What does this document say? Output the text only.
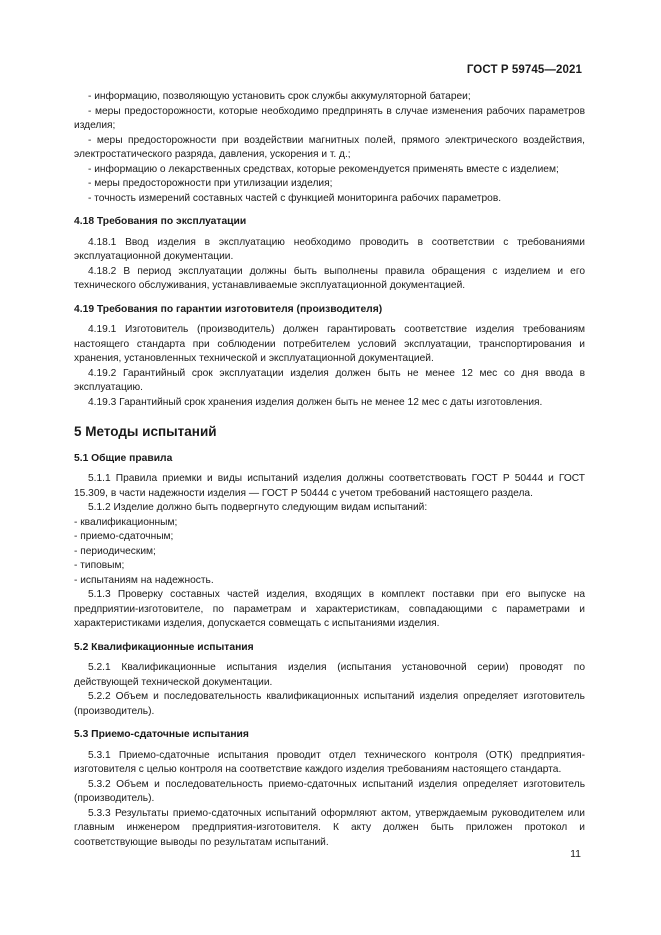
ГОСТ Р 59745—2021

- информацию, позволяющую установить срок службы аккумуляторной батареи;

- меры предосторожности, которые необходимо предпринять в случае изменения рабочих параметров изделия;

- меры предосторожности при воздействии магнитных полей, прямого электрического воздействия, электростатического разряда, давления, ускорения и т. д.;

- информацию о лекарственных средствах, которые рекомендуется применять вместе с изделием;

- меры предосторожности при утилизации изделия;

- точность измерений составных частей с функцией мониторинга рабочих параметров.

4.18 Требования по эксплуатации

4.18.1 Ввод изделия в эксплуатацию необходимо проводить в соответствии с требованиями эксплуатационной документации.

4.18.2 В период эксплуатации должны быть выполнены правила обращения с изделием и его технического обслуживания, устанавливаемые эксплуатационной документацией.

4.19 Требования по гарантии изготовителя (производителя)

4.19.1 Изготовитель (производитель) должен гарантировать соответствие изделия требованиям настоящего стандарта при соблюдении потребителем условий эксплуатации, транспортирования и хранения, установленных технической и эксплуатационной документацией.

4.19.2 Гарантийный срок эксплуатации изделия должен быть не менее 12 мес со дня ввода в эксплуатацию.

4.19.3 Гарантийный срок хранения изделия должен быть не менее 12 мес с даты изготовления.

5 Методы испытаний

5.1 Общие правила

5.1.1 Правила приемки и виды испытаний изделия должны соответствовать ГОСТ Р 50444 и ГОСТ 15.309, в части надежности изделия — ГОСТ Р 50444 с учетом требований настоящего раздела.

5.1.2 Изделие должно быть подвергнуто следующим видам испытаний:

- квалификационным;

- приемо-сдаточным;

- периодическим;

- типовым;

- испытаниям на надежность.

5.1.3 Проверку составных частей изделия, входящих в комплект поставки при его выпуске на предприятии-изготовителе, по параметрам и характеристикам, совпадающими с параметрами и характеристиками изделия, допускается совмещать с испытаниями изделия.

5.2 Квалификационные испытания

5.2.1 Квалификационные испытания изделия (испытания установочной серии) проводят по действующей технической документации.

5.2.2 Объем и последовательность квалификационных испытаний изделия определяет изготовитель (производитель).

5.3 Приемо-сдаточные испытания

5.3.1 Приемо-сдаточные испытания проводит отдел технического контроля (ОТК) предприятия-изготовителя с целью контроля на соответствие каждого изделия требованиям настоящего стандарта.

5.3.2 Объем и последовательность приемо-сдаточных испытаний изделия определяет изготовитель (производитель).

5.3.3 Результаты приемо-сдаточных испытаний оформляют актом, утверждаемым руководителем или главным инженером предприятия-изготовителя. К акту должен быть приложен протокол и соответствующие выводы по результатам испытаний.

11
